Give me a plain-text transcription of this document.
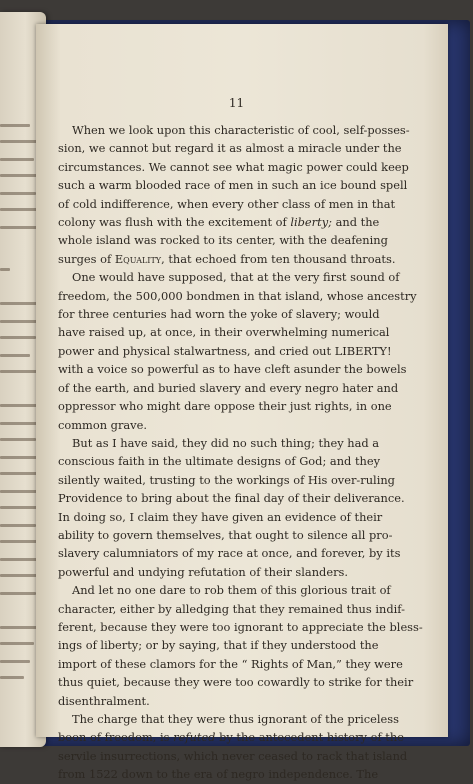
11

When we look upon this characteristic of cool, self-posses-
sion, we cannot but regard it as almost a miracle under the
circumstances. We cannot see what magic power could keep
such a warm blooded race of men in such an ice bound spell
of cold indifference, when every other class of men in that
colony was flush with the excitement of liberty; and the
whole island was rocked to its center, with the deafening
surges of Equality, that echoed from ten thousand throats.

One would have supposed, that at the very first sound of
freedom, the 500,000 bondmen in that island, whose ancestry
for three centuries had worn the yoke of slavery; would
have raised up, at once, in their overwhelming numerical
power and physical stalwartness, and cried out LIBERTY!
with a voice so powerful as to have cleft asunder the bowels
of the earth, and buried slavery and every negro hater and
oppressor who might dare oppose their just rights, in one
common grave.

But as I have said, they did no such thing; they had a
conscious faith in the ultimate designs of God; and they
silently waited, trusting to the workings of His over-ruling
Providence to bring about the final day of their deliverance.
In doing so, I claim they have given an evidence of their
ability to govern themselves, that ought to silence all pro-
slavery calumniators of my race at once, and forever, by its
powerful and undying refutation of their slanders.

And let no one dare to rob them of this glorious trait of
character, either by alledging that they remained thus indif-
ferent, because they were too ignorant to appreciate the bless-
ings of liberty; or by saying, that if they understood the
import of these clamors for the “ Rights of Man,” they were
thus quiet, because they were too cowardly to strike for their
disenthralment.

The charge that they were thus ignorant of the priceless
boon of freedom, is refuted by the antecedent history of the
servile insurrections, which never ceased to rack that island
from 1522 down to the era of negro independence. The
